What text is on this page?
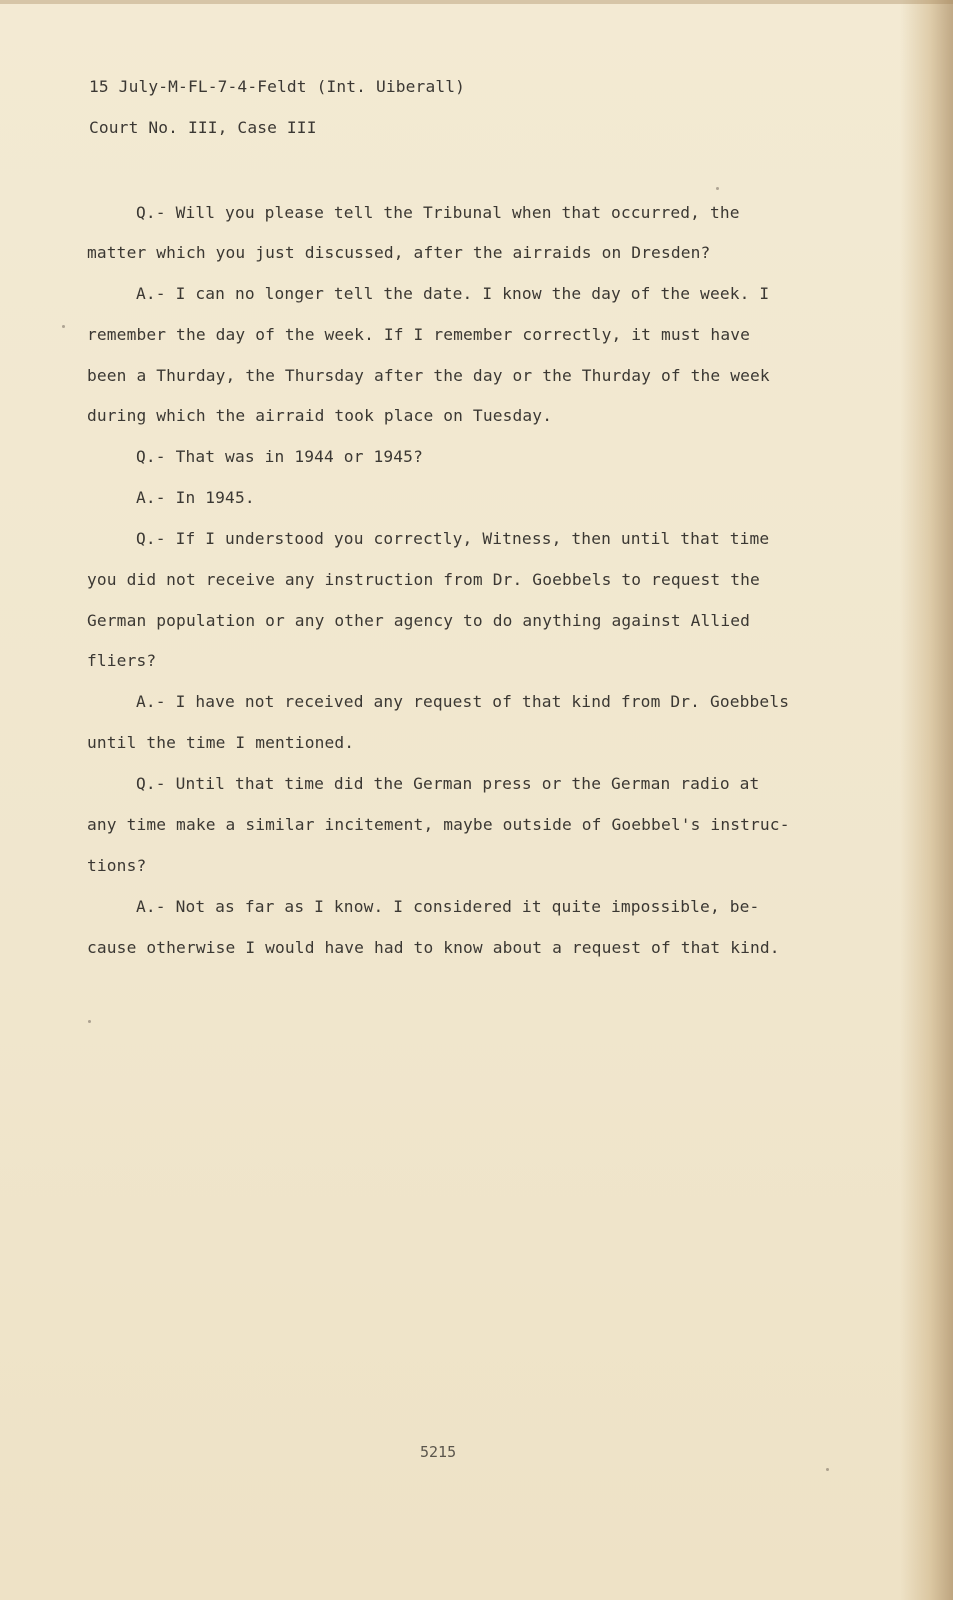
15 July-M-FL-7-4-Feldt (Int. Uiberall)
Court No. III, Case III
Q.- Will you please tell the Tribunal when that occurred, the
matter which you just discussed, after the airraids on Dresden?
A.- I can no longer tell the date. I know the day of the week. I
remember the day of the week. If I remember correctly, it must have
been a Thurday, the Thursday after the day or the Thurday of the week
during which the airraid took place on Tuesday.
Q.- That was in 1944 or 1945?
A.- In 1945.
Q.- If I understood you correctly, Witness, then until that time
you did not receive any instruction from Dr. Goebbels to request the
German population or any other agency to do anything against Allied
fliers?
A.- I have not received any request of that kind from Dr. Goebbels
until the time I mentioned.
Q.- Until that time did the German press or the German radio at
any time make a similar incitement, maybe outside of Goebbel's instruc-
tions?
A.- Not as far as I know. I considered it quite impossible, be-
cause otherwise I would have had to know about a request of that kind.
5215
